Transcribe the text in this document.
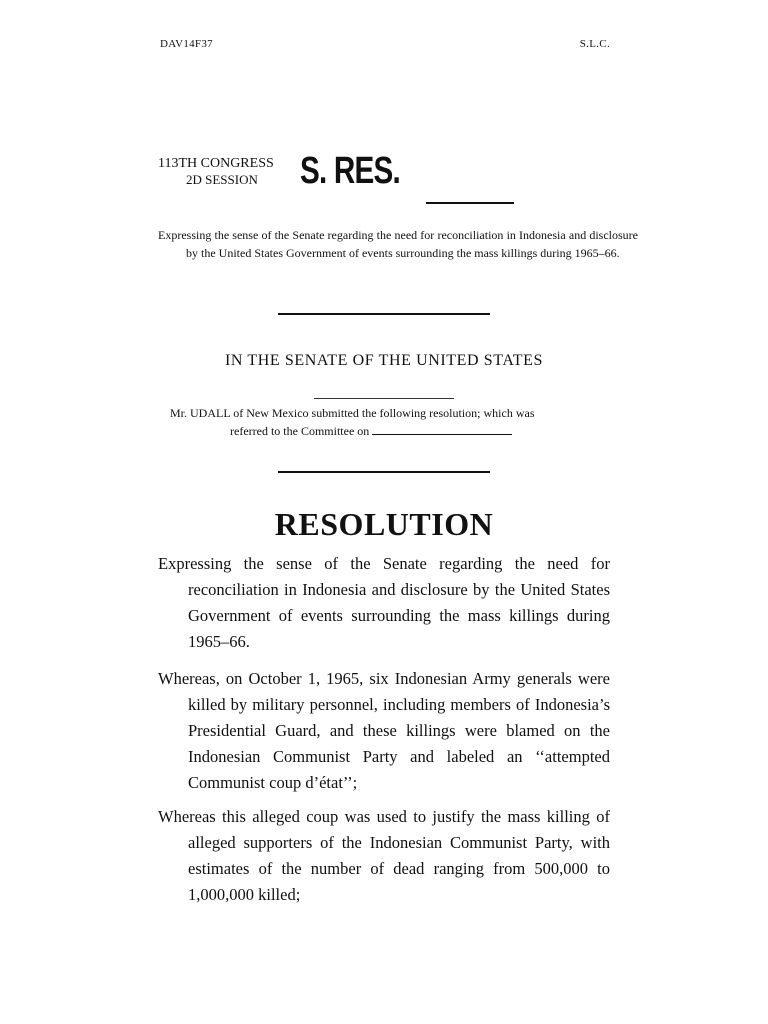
DAV14F37	S.L.C.
113TH CONGRESS
2D SESSION S. RES.
Expressing the sense of the Senate regarding the need for reconciliation in Indonesia and disclosure by the United States Government of events surrounding the mass killings during 1965–66.
IN THE SENATE OF THE UNITED STATES
Mr. UDALL of New Mexico submitted the following resolution; which was
referred to the Committee on
RESOLUTION
Expressing the sense of the Senate regarding the need for reconciliation in Indonesia and disclosure by the United States Government of events surrounding the mass killings during 1965–66.
Whereas, on October 1, 1965, six Indonesian Army generals were killed by military personnel, including members of Indonesia’s Presidential Guard, and these killings were blamed on the Indonesian Communist Party and labeled an ‘‘attempted Communist coup d’état’’;
Whereas this alleged coup was used to justify the mass killing of alleged supporters of the Indonesian Communist Party, with estimates of the number of dead ranging from 500,000 to 1,000,000 killed;
